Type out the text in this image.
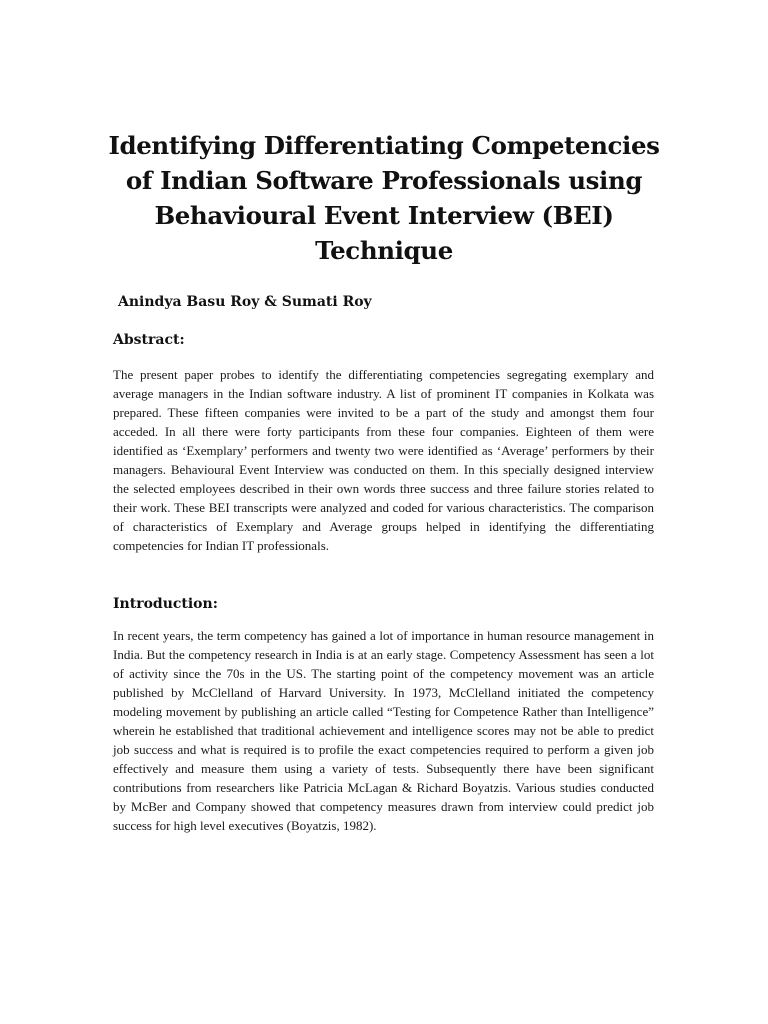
Identifying Differentiating Competencies of Indian Software Professionals using Behavioural Event Interview (BEI) Technique

Anindya Basu Roy & Sumati Roy

Abstract:

The present paper probes to identify the differentiating competencies segregating exemplary and average managers in the Indian software industry. A list of prominent IT companies in Kolkata was prepared. These fifteen companies were invited to be a part of the study and amongst them four acceded. In all there were forty participants from these four companies. Eighteen of them were identified as ‘Exemplary’ performers and twenty two were identified as ‘Average’ performers by their managers. Behavioural Event Interview was conducted on them. In this specially designed interview the selected employees described in their own words three success and three failure stories related to their work. These BEI transcripts were analyzed and coded for various characteristics. The comparison of characteristics of Exemplary and Average groups helped in identifying the differentiating competencies for Indian IT professionals.

Introduction:

In recent years, the term competency has gained a lot of importance in human resource management in India. But the competency research in India is at an early stage. Competency Assessment has seen a lot of activity since the 70s in the US. The starting point of the competency movement was an article published by McClelland of Harvard University. In 1973, McClelland initiated the competency modeling movement by publishing an article called “Testing for Competence Rather than Intelligence” wherein he established that traditional achievement and intelligence scores may not be able to predict job success and what is required is to profile the exact competencies required to perform a given job effectively and measure them using a variety of tests. Subsequently there have been significant contributions from researchers like Patricia McLagan & Richard Boyatzis. Various studies conducted by McBer and Company showed that competency measures drawn from interview could predict job success for high level executives (Boyatzis, 1982).
